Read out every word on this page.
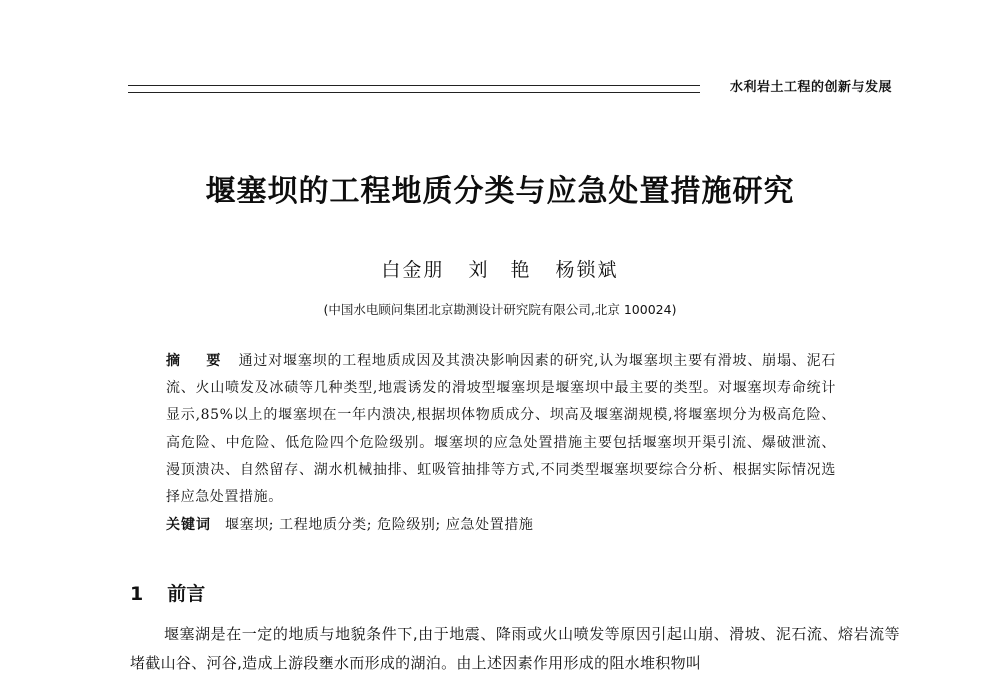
水利岩土工程的创新与发展
堰塞坝的工程地质分类与应急处置措施研究
白金朋 刘　艳 杨锁斌
(中国水电顾问集团北京勘测设计研究院有限公司,北京 100024)
摘　要 通过对堰塞坝的工程地质成因及其溃决影响因素的研究,认为堰塞坝主要有滑坡、崩塌、泥石流、火山喷发及冰碛等几种类型,地震诱发的滑坡型堰塞坝是堰塞坝中最主要的类型。对堰塞坝寿命统计显示,85%以上的堰塞坝在一年内溃决,根据坝体物质成分、坝高及堰塞湖规模,将堰塞坝分为极高危险、高危险、中危险、低危险四个危险级别。堰塞坝的应急处置措施主要包括堰塞坝开渠引流、爆破泄流、漫顶溃决、自然留存、湖水机械抽排、虹吸管抽排等方式,不同类型堰塞坝要综合分析、根据实际情况选择应急处置措施。
关键词 堰塞坝; 工程地质分类; 危险级别; 应急处置措施
1 前言
堰塞湖是在一定的地质与地貌条件下,由于地震、降雨或火山喷发等原因引起山崩、滑坡、泥石流、熔岩流等堵截山谷、河谷,造成上游段壅水而形成的湖泊。由上述因素作用形成的阻水堆积物叫
